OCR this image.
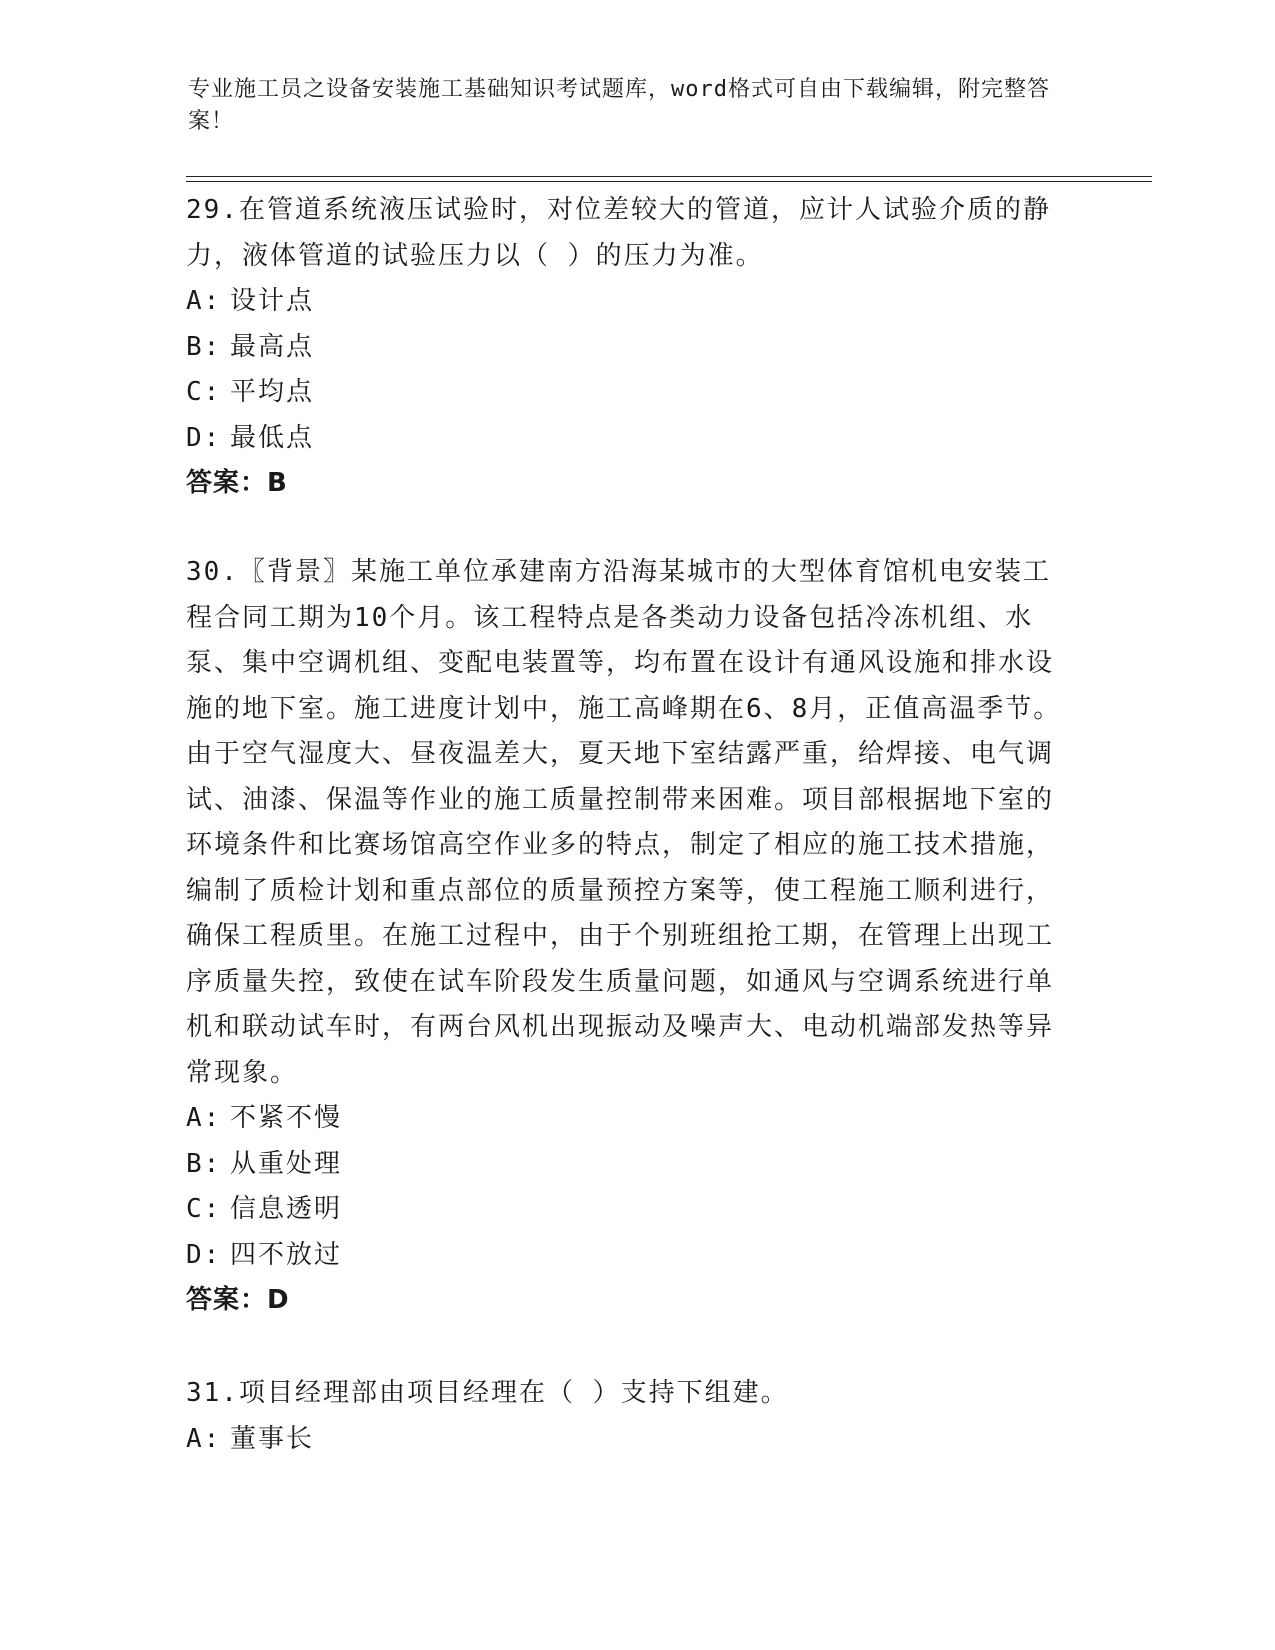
专业施工员之设备安装施工基础知识考试题库，word格式可自由下载编辑，附完整答案！

29.在管道系统液压试验时，对位差较大的管道，应计人试验介质的静力，液体管道的试验压力以（ ）的压力为准。

A: 设计点
B: 最高点
C: 平均点
D: 最低点
答案：B

30.〖背景〗某施工单位承建南方沿海某城市的大型体育馆机电安装工程合同工期为10个月。该工程特点是各类动力设备包括冷冻机组、水泵、集中空调机组、变配电装置等，均布置在设计有通风设施和排水设施的地下室。施工进度计划中，施工高峰期在6、8月，正值高温季节。由于空气湿度大、昼夜温差大，夏天地下室结露严重，给焊接、电气调试、油漆、保温等作业的施工质量控制带来困难。项目部根据地下室的环境条件和比赛场馆高空作业多的特点，制定了相应的施工技术措施，编制了质检计划和重点部位的质量预控方案等，使工程施工顺利进行，确保工程质里。在施工过程中，由于个别班组抢工期，在管理上出现工序质量失控，致使在试车阶段发生质量问题，如通风与空调系统进行单机和联动试车时，有两台风机出现振动及噪声大、电动机端部发热等异常现象。

A: 不紧不慢
B: 从重处理
C: 信息透明
D: 四不放过
答案：D

31.项目经理部由项目经理在（ ）支持下组建。

A: 董事长
